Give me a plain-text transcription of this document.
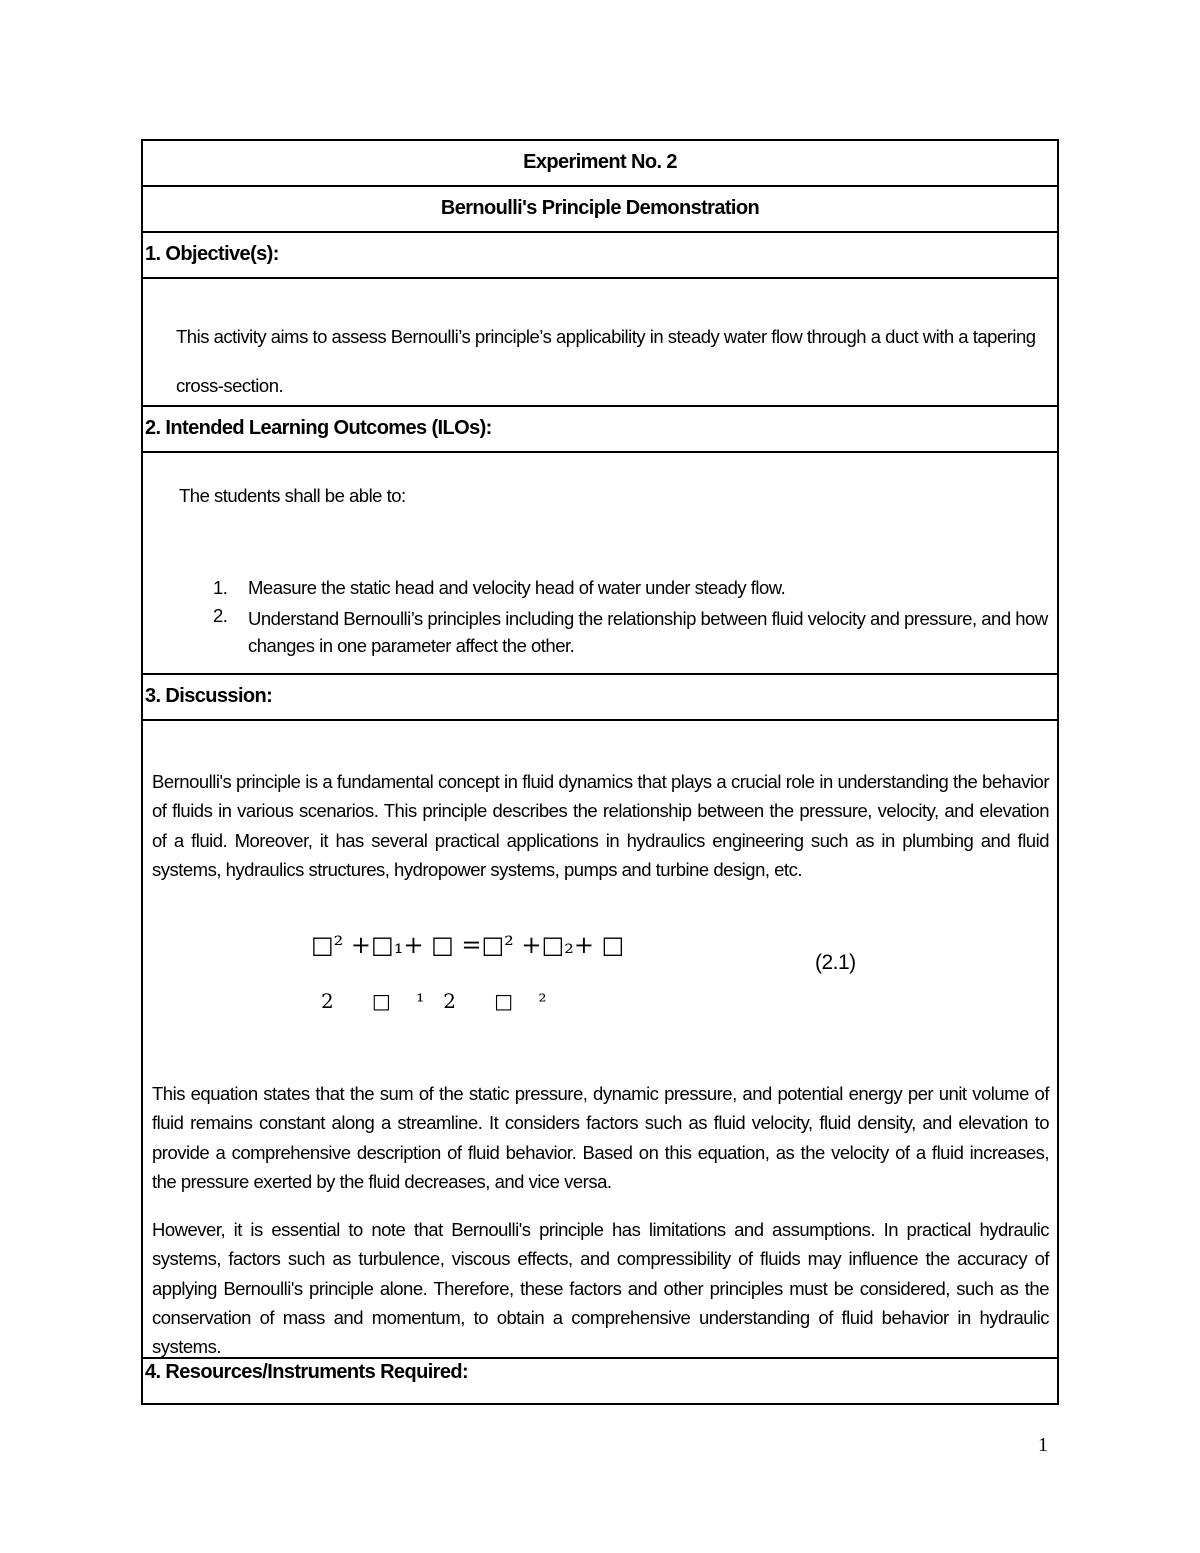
Experiment No. 2
Bernoulli's Principle Demonstration
1. Objective(s):
This activity aims to assess Bernoulli’s principle’s applicability in steady water flow through a duct with a tapering cross-section.
2. Intended Learning Outcomes (ILOs):
The students shall be able to:
1. Measure the static head and velocity head of water under steady flow.
2. Understand Bernoulli’s principles including the relationship between fluid velocity and pressure, and how changes in one parameter affect the other.
3. Discussion:
Bernoulli's principle is a fundamental concept in fluid dynamics that plays a crucial role in understanding the behavior of fluids in various scenarios. This principle describes the relationship between the pressure, velocity, and elevation of a fluid. Moreover, it has several practical applications in hydraulics engineering such as in plumbing and fluid systems, hydraulics structures, hydropower systems, pumps and turbine design, etc.
□² +□₁+ □ =□² +□₂+ □
2      □    ¹   2      □    ²
(2.1)
This equation states that the sum of the static pressure, dynamic pressure, and potential energy per unit volume of fluid remains constant along a streamline. It considers factors such as fluid velocity, fluid density, and elevation to provide a comprehensive description of fluid behavior. Based on this equation, as the velocity of a fluid increases, the pressure exerted by the fluid decreases, and vice versa.
However, it is essential to note that Bernoulli's principle has limitations and assumptions. In practical hydraulic systems, factors such as turbulence, viscous effects, and compressibility of fluids may influence the accuracy of applying Bernoulli's principle alone. Therefore, these factors and other principles must be considered, such as the conservation of mass and momentum, to obtain a comprehensive understanding of fluid behavior in hydraulic systems.
4. Resources/Instruments Required:
1
